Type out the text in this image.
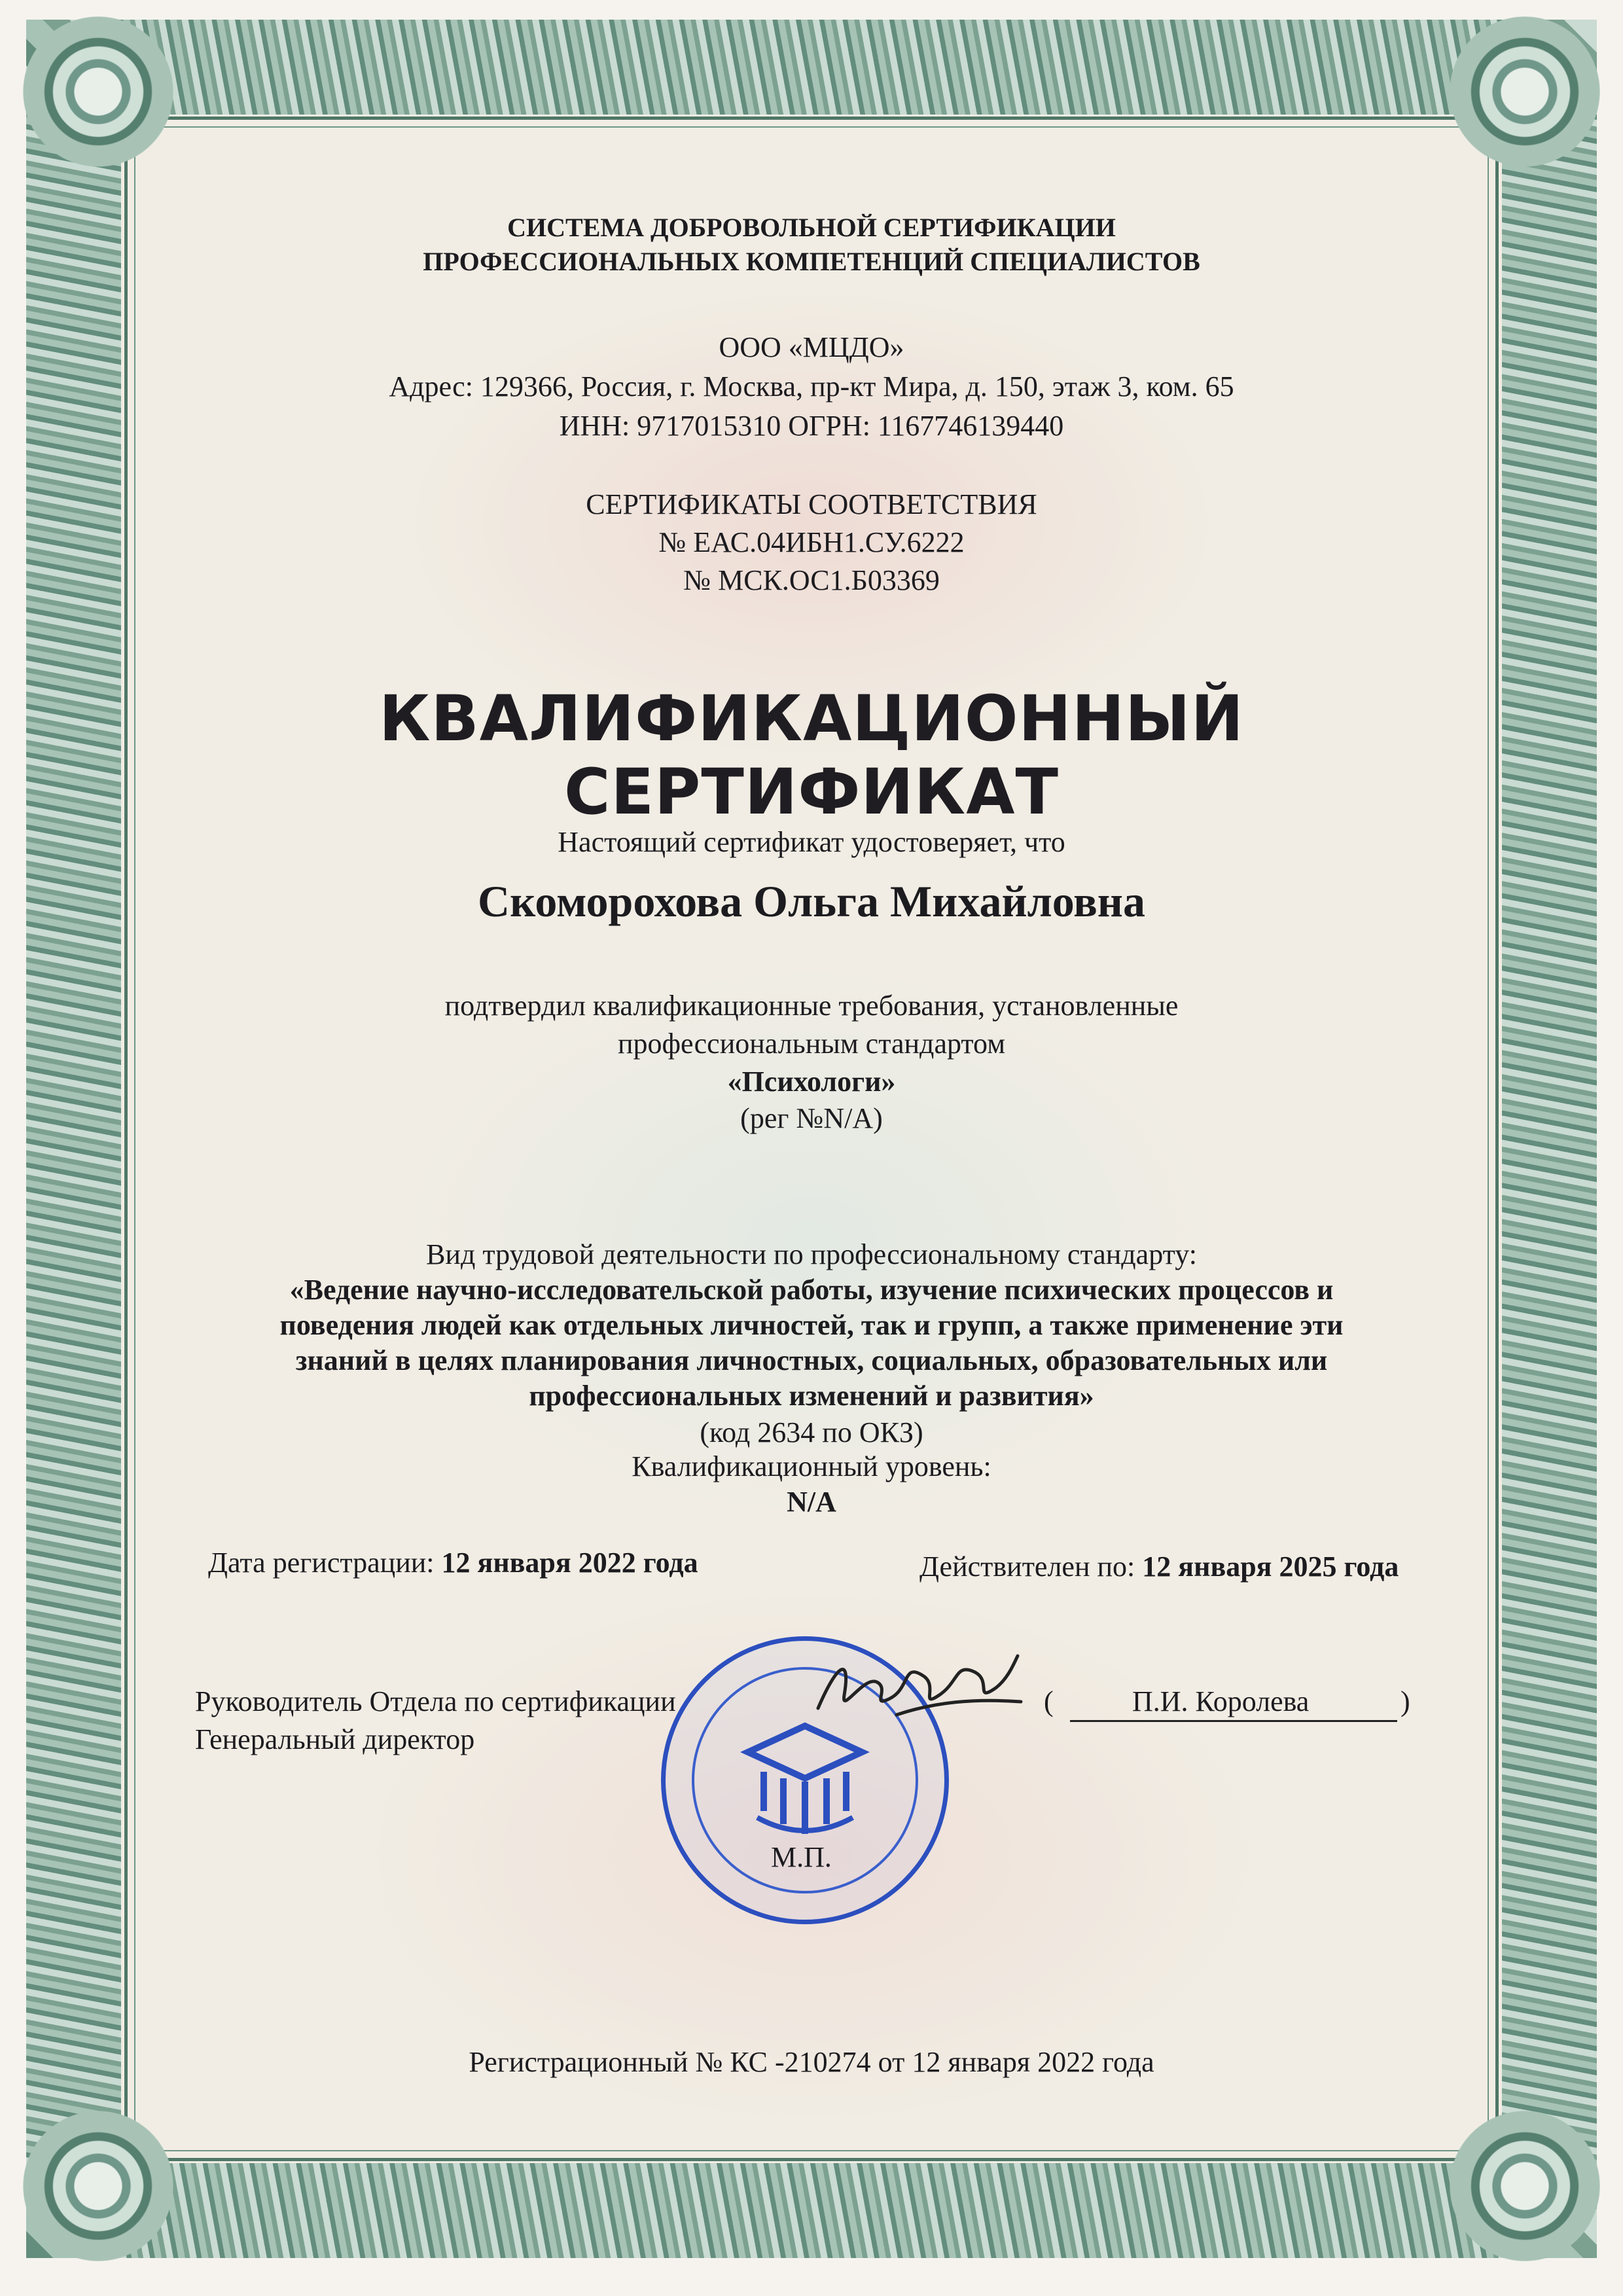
СИСТЕМА ДОБРОВОЛЬНОЙ СЕРТИФИКАЦИИ
ПРОФЕССИОНАЛЬНЫХ КОМПЕТЕНЦИЙ СПЕЦИАЛИСТОВ
ООО «МЦДО»
Адрес: 129366, Россия, г. Москва, пр-кт Мира, д. 150, этаж 3, ком. 65
ИНН: 9717015310 ОГРН: 1167746139440
СЕРТИФИКАТЫ СООТВЕТСТВИЯ
№ ЕАС.04ИБН1.СУ.6222
№ МСК.ОС1.Б03369
КВАЛИФИКАЦИОННЫЙ СЕРТИФИКАТ
Настоящий сертификат удостоверяет, что
Скоморохова Ольга Михайловна
подтвердил квалификационные требования, установленные
профессиональным стандартом
«Психологи»
(рег №N/A)
Вид трудовой деятельности по профессиональному стандарту:
«Ведение научно-исследовательской работы, изучение психических процессов и
поведения людей как отдельных личностей, так и групп, а также применение эти
знаний в целях планирования личностных, социальных, образовательных или
профессиональных изменений и развития»
(код 2634 по ОКЗ)
Квалификационный уровень:
N/A
Дата регистрации: 12 января 2022 года	Действителен по: 12 января 2025 года
Руководитель Отдела по сертификации
Генеральный директор
(	П.И. Королева	)
М.П.
Регистрационный № КС -210274 от 12 января 2022 года
